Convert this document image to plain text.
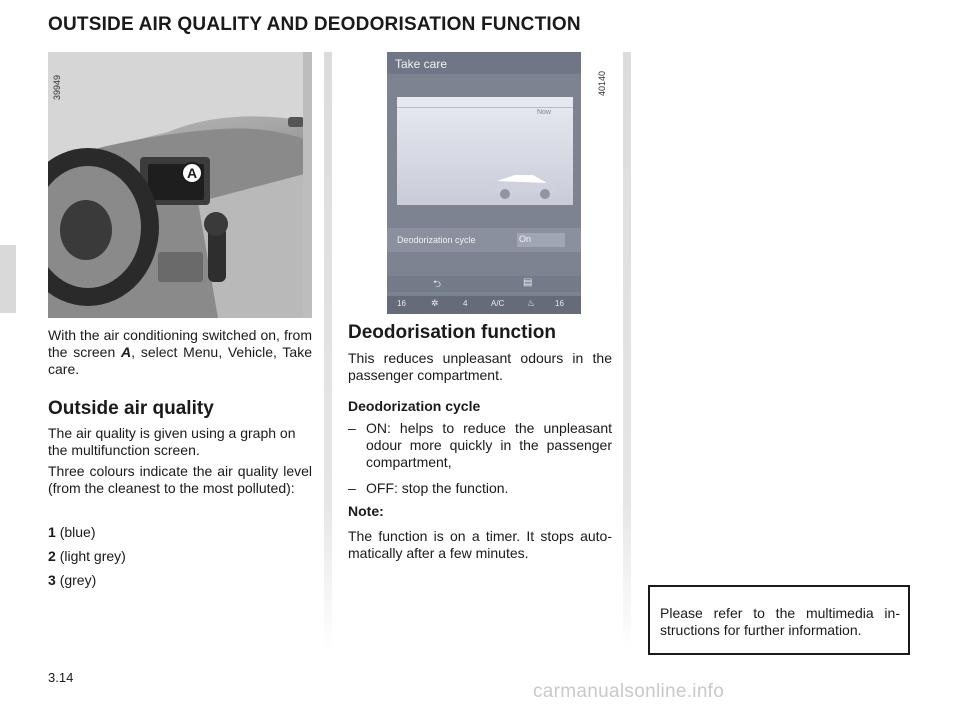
OUTSIDE AIR QUALITY AND DEODORISATION FUNCTION
A
39949
Take care
Now
Deodorization cycle	On
⮌	▤
16	✲	4	A/C	♨ 16
40140
With the air conditioning switched on, from the screen A, select Menu, Vehicle, Take care.
Outside air quality
The air quality is given using a graph on the multifunction screen.
Three colours indicate the air quality level (from the cleanest to the most polluted):
1 (blue)
2 (light grey)
3 (grey)
Deodorisation function
This reduces unpleasant odours in the passenger compartment.
Deodorization cycle
– ON: helps to reduce the unpleasant odour more quickly in the passenger compartment,
– OFF: stop the function.
Note:
The function is on a timer. It stops auto-matically after a few minutes.
Please refer to the multimedia in-structions for further information.
3.14
carmanualsonline.info
